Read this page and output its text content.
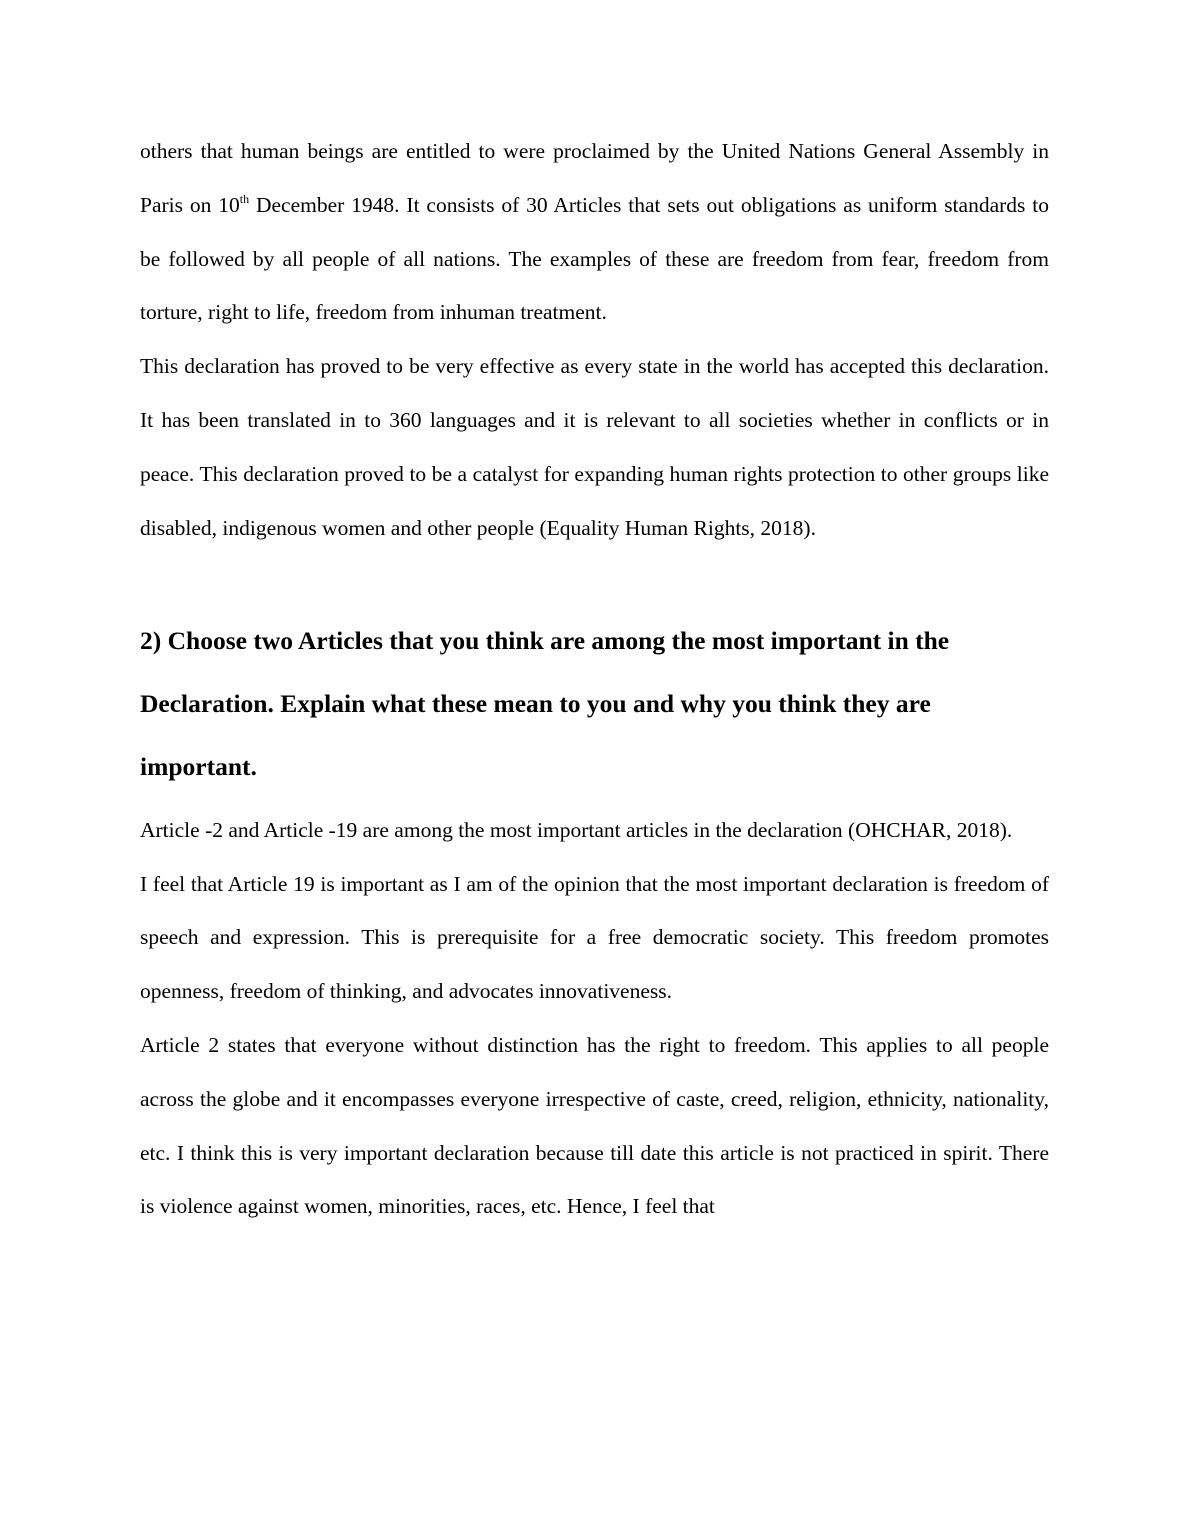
others that human beings are entitled to were proclaimed by the United Nations General Assembly in Paris on 10th December 1948. It consists of 30 Articles that sets out obligations as uniform standards to be followed by all people of all nations. The examples of these are freedom from fear, freedom from torture, right to life, freedom from inhuman treatment.

This declaration has proved to be very effective as every state in the world has accepted this declaration. It has been translated in to 360 languages and it is relevant to all societies whether in conflicts or in peace. This declaration proved to be a catalyst for expanding human rights protection to other groups like disabled, indigenous women and other people (Equality Human Rights, 2018).

2) Choose two Articles that you think are among the most important in the Declaration. Explain what these mean to you and why you think they are important.

Article -2 and Article -19 are among the most important articles in the declaration (OHCHAR, 2018).

I feel that Article 19 is important as I am of the opinion that the most important declaration is freedom of speech and expression. This is prerequisite for a free democratic society. This freedom promotes openness, freedom of thinking, and advocates innovativeness.

Article 2 states that everyone without distinction has the right to freedom. This applies to all people across the globe and it encompasses everyone irrespective of caste, creed, religion, ethnicity, nationality, etc. I think this is very important declaration because till date this article is not practiced in spirit. There is violence against women, minorities, races, etc. Hence, I feel that
